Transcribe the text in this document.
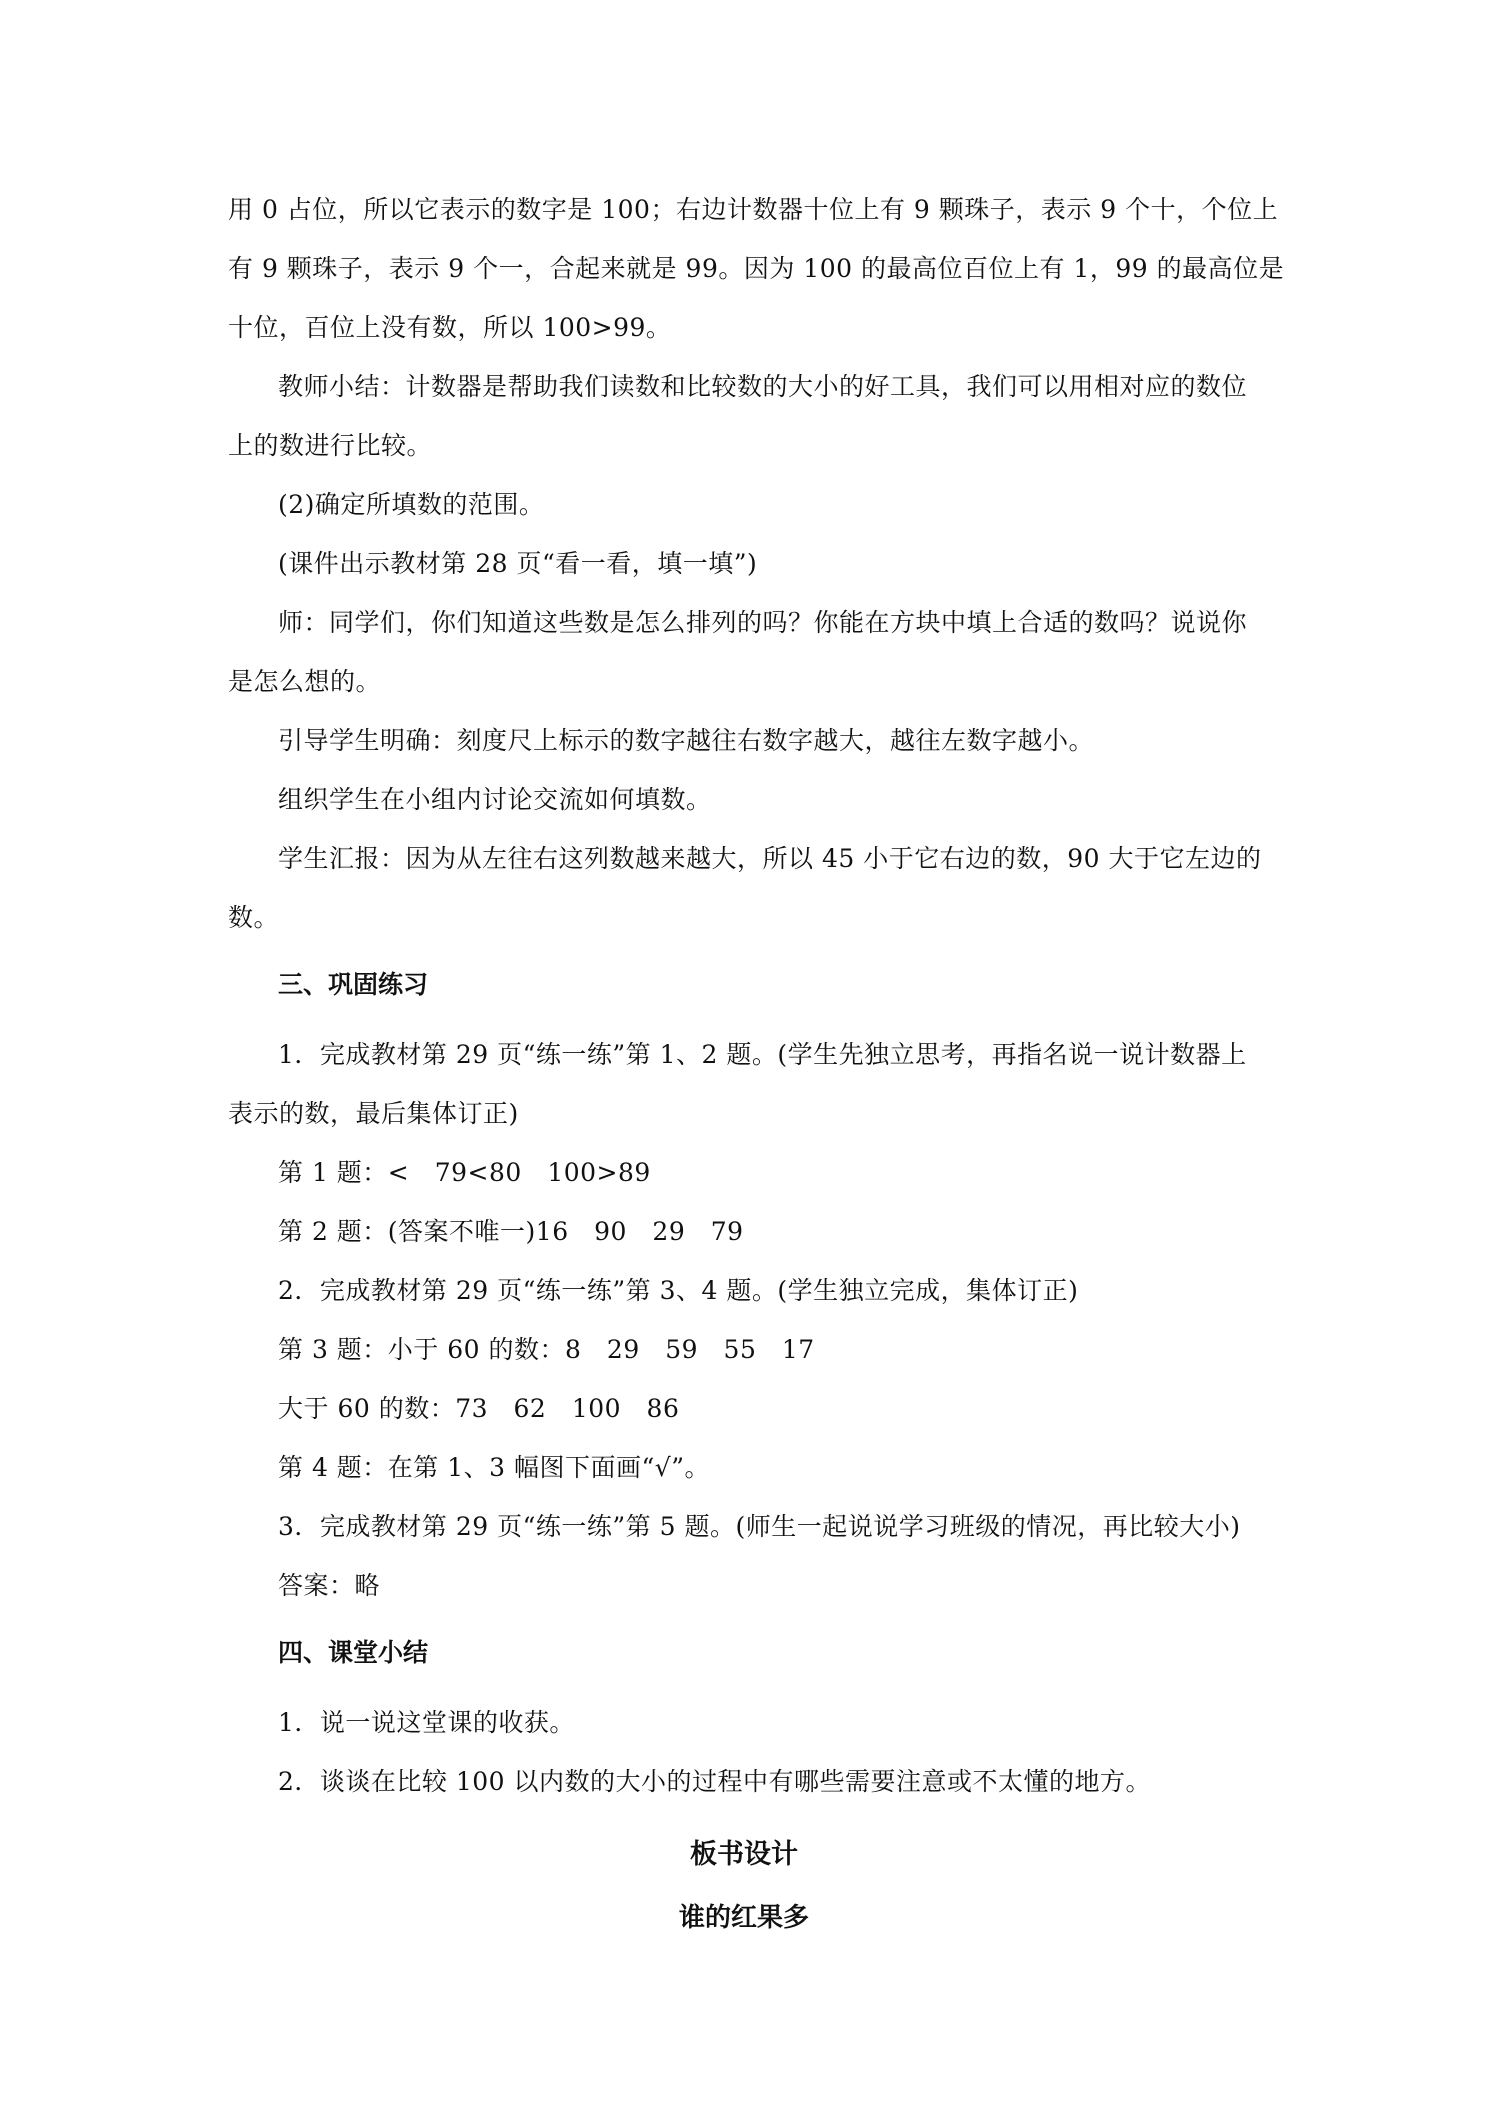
用 0 占位，所以它表示的数字是 100；右边计数器十位上有 9 颗珠子，表示 9 个十，个位上
有 9 颗珠子，表示 9 个一，合起来就是 99。因为 100 的最高位百位上有 1，99 的最高位是
十位，百位上没有数，所以 100>99。
教师小结：计数器是帮助我们读数和比较数的大小的好工具，我们可以用相对应的数位
上的数进行比较。
(2)确定所填数的范围。
(课件出示教材第 28 页“看一看，填一填”)
师：同学们，你们知道这些数是怎么排列的吗？你能在方块中填上合适的数吗？说说你
是怎么想的。
引导学生明确：刻度尺上标示的数字越往右数字越大，越往左数字越小。
组织学生在小组内讨论交流如何填数。
学生汇报：因为从左往右这列数越来越大，所以 45 小于它右边的数，90 大于它左边的
数。
三、巩固练习
1．完成教材第 29 页“练一练”第 1、2 题。(学生先独立思考，再指名说一说计数器上
表示的数，最后集体订正)
第 1 题：<　79<80　100>89
第 2 题：(答案不唯一)16　90　29　79
2．完成教材第 29 页“练一练”第 3、4 题。(学生独立完成，集体订正)
第 3 题：小于 60 的数：8　29　59　55　17
大于 60 的数：73　62　100　86
第 4 题：在第 1、3 幅图下面画“√”。
3．完成教材第 29 页“练一练”第 5 题。(师生一起说说学习班级的情况，再比较大小)
答案：略
四、课堂小结
1．说一说这堂课的收获。
2．谈谈在比较 100 以内数的大小的过程中有哪些需要注意或不太懂的地方。
板书设计
谁的红果多
